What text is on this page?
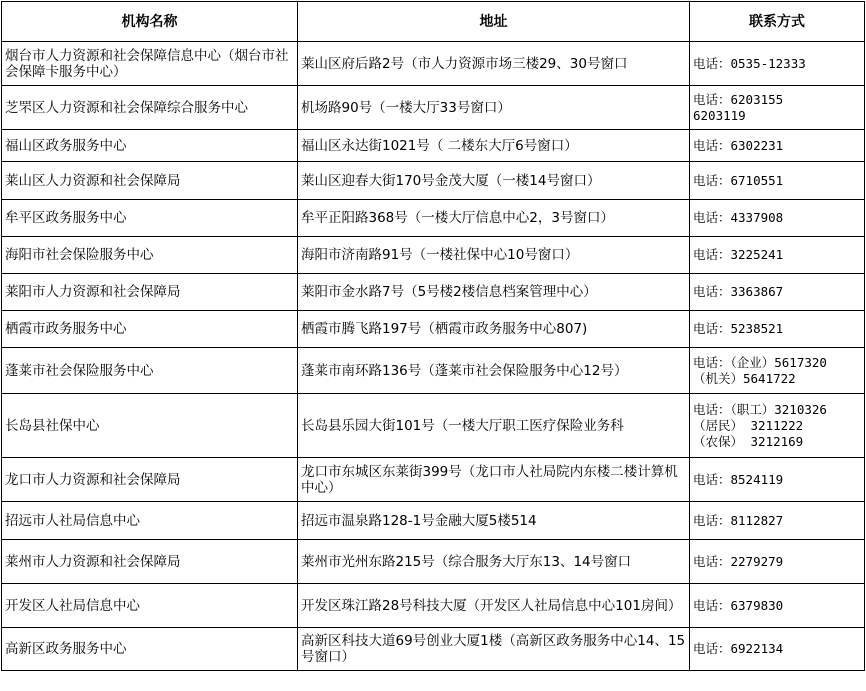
机构名称	地址	联系方式
烟台市人力资源和社会保障信息中心（烟台市社会保障卡服务中心）	莱山区府后路2号（市人力资源市场三楼29、30号窗口	电话：0535-12333

芝罘区人力资源和社会保障综合服务中心	机场路90号（一楼大厅33号窗口）	电话：6203155
6203119

福山区政务服务中心	福山区永达街1021号（ 二楼东大厅6号窗口）	电话：6302231

莱山区人力资源和社会保障局	莱山区迎春大街170号金茂大厦（一楼14号窗口）	电话：6710551

牟平区政务服务中心	牟平正阳路368号（一楼大厅信息中心2，3号窗口）	电话：4337908

海阳市社会保险服务中心	海阳市济南路91号（一楼社保中心10号窗口）	电话：3225241

莱阳市人力资源和社会保障局	莱阳市金水路7号（5号楼2楼信息档案管理中心）	电话：3363867

栖霞市政务服务中心	栖霞市腾飞路197号（栖霞市政务服务中心807)	电话：5238521

蓬莱市社会保险服务中心	蓬莱市南环路136号（蓬莱市社会保险服务中心12号）	电话：（企业）5617320
（机关）5641722

长岛县社保中心	长岛县乐园大街101号（一楼大厅职工医疗保险业务科	电话：（职工）3210326
（居民） 3211222
（农保） 3212169

龙口市人力资源和社会保障局	龙口市东城区东莱街399号（龙口市人社局院内东楼二楼计算机中心）	电话：8524119

招远市人社局信息中心	招远市温泉路128-1号金融大厦5楼514	电话：8112827

莱州市人力资源和社会保障局	莱州市光州东路215号（综合服务大厅东13、14号窗口	电话：2279279

开发区人社局信息中心	开发区珠江路28号科技大厦（开发区人社局信息中心101房间）	电话：6379830

高新区政务服务中心	高新区科技大道69号创业大厦1楼（高新区政务服务中心14、15号窗口）	电话：6922134
